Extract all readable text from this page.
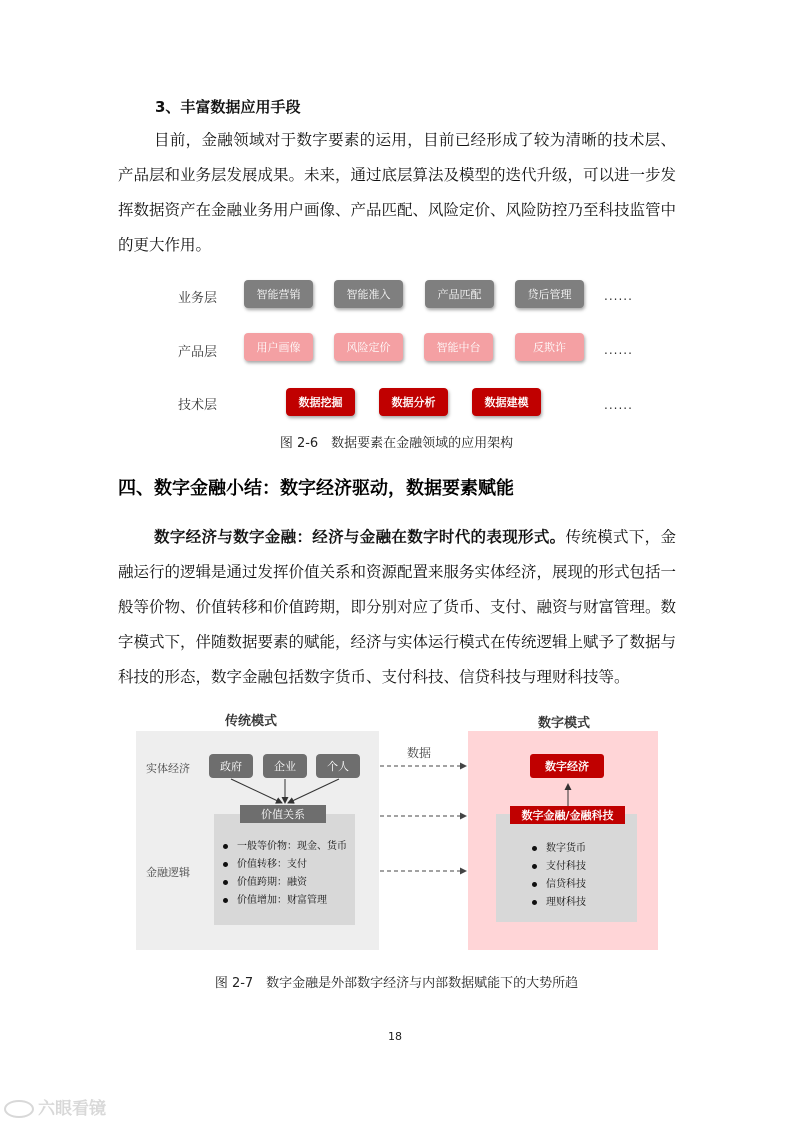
3、丰富数据应用手段
目前，金融领域对于数字要素的运用，目前已经形成了较为清晰的技术层、产品层和业务层发展成果。未来，通过底层算法及模型的迭代升级，可以进一步发挥数据资产在金融业务用户画像、产品匹配、风险定价、风险防控乃至科技监管中的更大作用。
业务层	智能营销	智能准入	产品匹配	贷后管理	......
产品层	用户画像	风险定价	智能中台	反欺诈	......
技术层	数据挖掘	数据分析	数据建模	......
图 2-6　数据要素在金融领域的应用架构
四、数字金融小结：数字经济驱动，数据要素赋能
数字经济与数字金融：经济与金融在数字时代的表现形式。传统模式下，金融运行的逻辑是通过发挥价值关系和资源配置来服务实体经济，展现的形式包括一般等价物、价值转移和价值跨期，即分别对应了货币、支付、融资与财富管理。数字模式下，伴随数据要素的赋能，经济与实体运行模式在传统逻辑上赋予了数据与科技的形态，数字金融包括数字货币、支付科技、信贷科技与理财科技等。
传统模式	数字模式
实体经济
金融逻辑
政府	企业	个人
价值关系
一般等价物：现金、货币
价值转移：支付
价值跨期：融资
价值增加：财富管理
数据
数字经济
数字金融/金融科技
数字货币
支付科技
信贷科技
理财科技
图 2-7　数字金融是外部数字经济与内部数据赋能下的大势所趋
18
六眼看镜
